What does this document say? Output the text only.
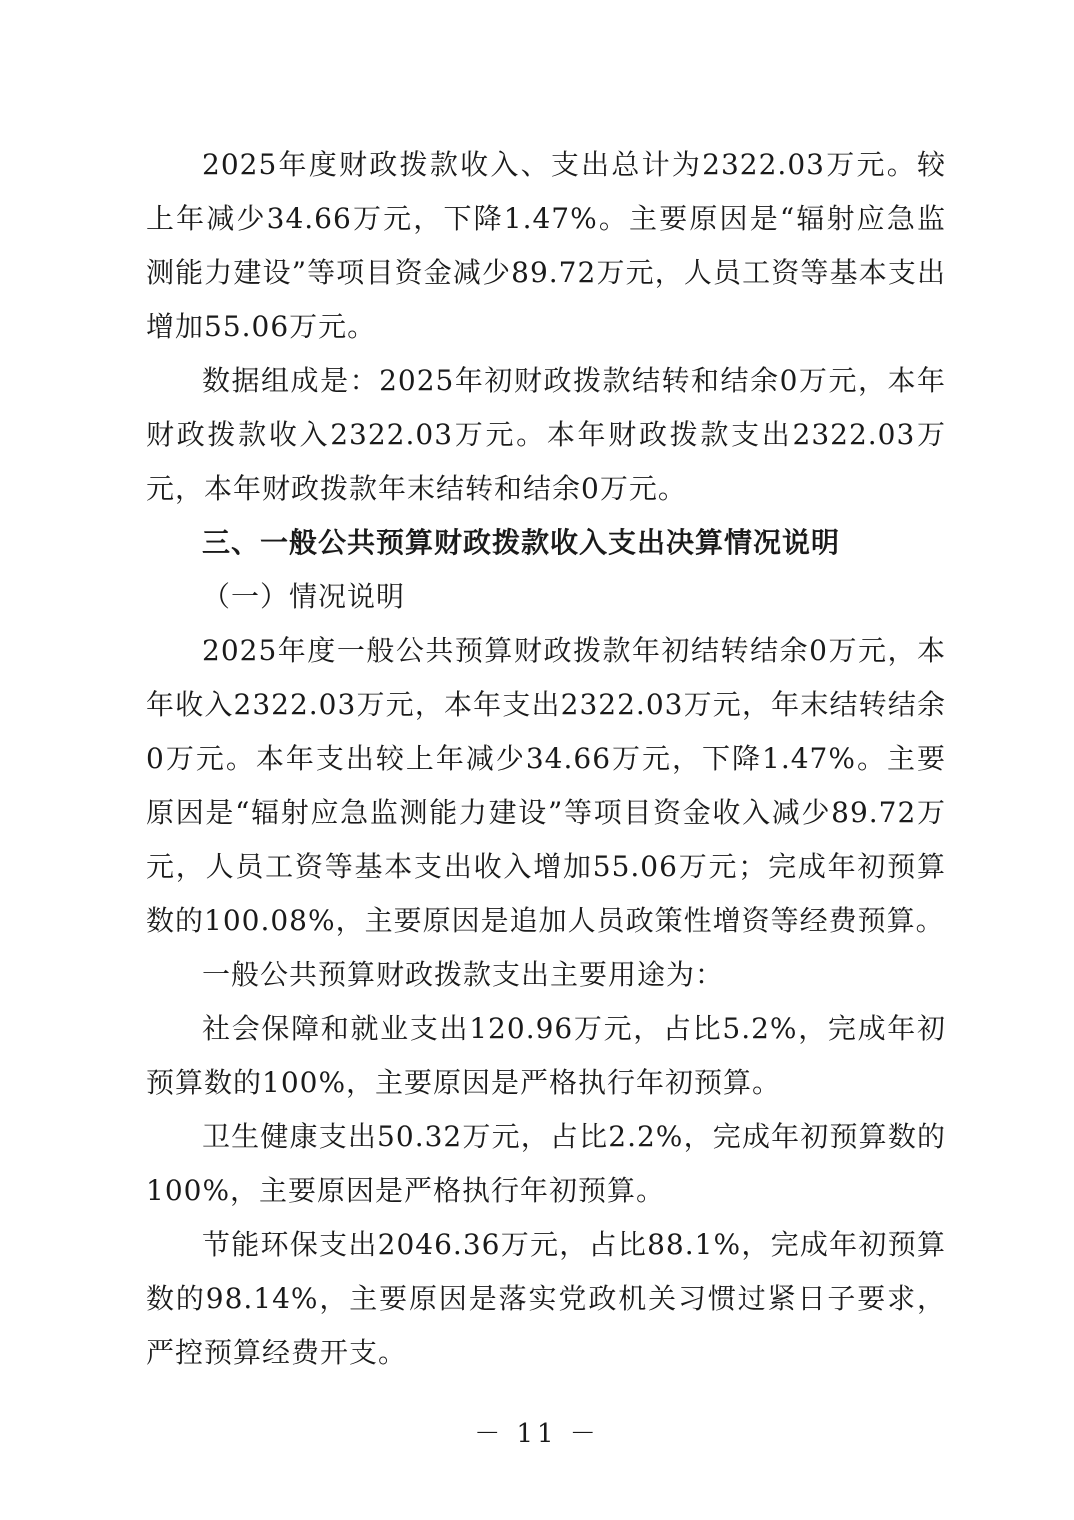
2025年度财政拨款收入、支出总计为2322.03万元。较上年减少34.66万元，下降1.47%。主要原因是“辐射应急监测能力建设”等项目资金减少89.72万元，人员工资等基本支出增加55.06万元。

数据组成是：2025年初财政拨款结转和结余0万元，本年财政拨款收入2322.03万元。本年财政拨款支出2322.03万元，本年财政拨款年末结转和结余0万元。

三、一般公共预算财政拨款收入支出决算情况说明

（一）情况说明

2025年度一般公共预算财政拨款年初结转结余0万元，本年收入2322.03万元，本年支出2322.03万元，年末结转结余0万元。本年支出较上年减少34.66万元，下降1.47%。主要原因是“辐射应急监测能力建设”等项目资金收入减少89.72万元，人员工资等基本支出收入增加55.06万元；完成年初预算数的100.08%，主要原因是追加人员政策性增资等经费预算。

一般公共预算财政拨款支出主要用途为：

社会保障和就业支出120.96万元，占比5.2%，完成年初预算数的100%，主要原因是严格执行年初预算。

卫生健康支出50.32万元，占比2.2%，完成年初预算数的100%，主要原因是严格执行年初预算。

节能环保支出2046.36万元，占比88.1%，完成年初预算数的98.14%，主要原因是落实党政机关习惯过紧日子要求，严控预算经费开支。

－ 11 －
